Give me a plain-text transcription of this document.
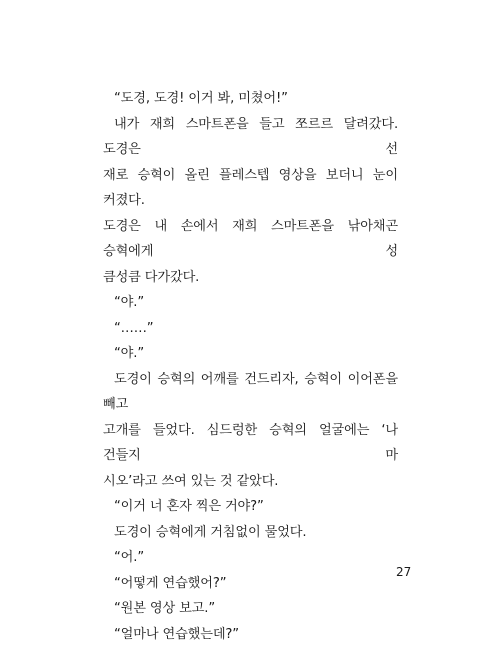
“도경, 도경! 이거 봐, 미쳤어!”
내가 재희 스마트폰을 들고 쪼르르 달려갔다. 도경은 선
재로 승혁이 올린 플레스텝 영상을 보더니 눈이 커졌다.
도경은 내 손에서 재희 스마트폰을 낚아채곤 승혁에게 성
큼성큼 다가갔다.
“야.”
“……”
“야.”
도경이 승혁의 어깨를 건드리자, 승혁이 이어폰을 빼고
고개를 들었다. 심드렁한 승혁의 얼굴에는 ‘나 건들지 마
시오’라고 쓰여 있는 것 같았다.
“이거 너 혼자 찍은 거야?”
도경이 승혁에게 거침없이 물었다.
“어.”
“어떻게 연습했어?”
“원본 영상 보고.”
“얼마나 연습했는데?”
27
